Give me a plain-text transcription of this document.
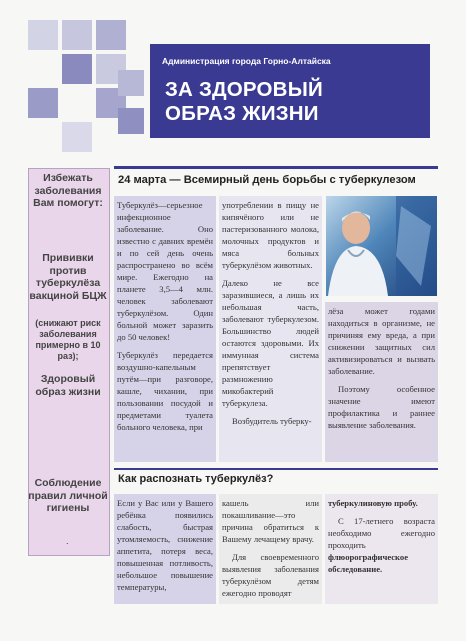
Администрация города Горно-Алтайска
ЗА ЗДОРОВЫЙ
ОБРАЗ ЖИЗНИ
Избежать заболевания Вам помогут:
Прививки против туберкулёза вакциной БЦЖ
(снижают риск заболевания примерно в 10 раз);
Здоровый образ жизни
Соблюдение правил личной гигиены
.
24 марта — Всемирный день борьбы с туберкулезом

Туберкулёз—серьезное инфекционное заболевание. Оно известно с давних времён и по сей день очень распространено во всём мире. Ежегодно на планете 3,5—4 млн. человек заболевают туберкулёзом. Один больной может заразить до 50 человек!

Туберкулёз передается воздушно-капельным путём—при разговоре, кашле, чихании, при пользовании посудой и предметами туалета больного человека, при

употреблении в пищу не кипячёного или не пастеризованного молока, молочных продуктов и мяса больных туберкулёзом животных.

Далеко не все заразившиеся, а лишь их небольшая часть, заболевают туберкулезом. Большинство людей остаются здоровыми. Их иммунная система препятствует размножению микобактерий туберкулеза.

Возбудитель туберку-

лёза может годами находиться в организме, не причиняя ему вреда, а при снижении защитных сил активизироваться и вызвать заболевание.

Поэтому особенное значение имеют профилактика и раннее выявление заболевания.

Как распознать туберкулёз?

Если у Вас или у Вашего ребёнка появились слабость, быстрая утомляемость, снижение аппетита, потеря веса, повышенная потливость, небольшое повышение температуры,

кашель или покашливание—это причина обратиться к Вашему лечащему врачу.

Для своевременного выявления заболевания туберкулёзом детям ежегодно проводят

туберкулиновую пробу.

С 17-летнего возраста необходимо ежегодно проходить флюорографическое обследование.
